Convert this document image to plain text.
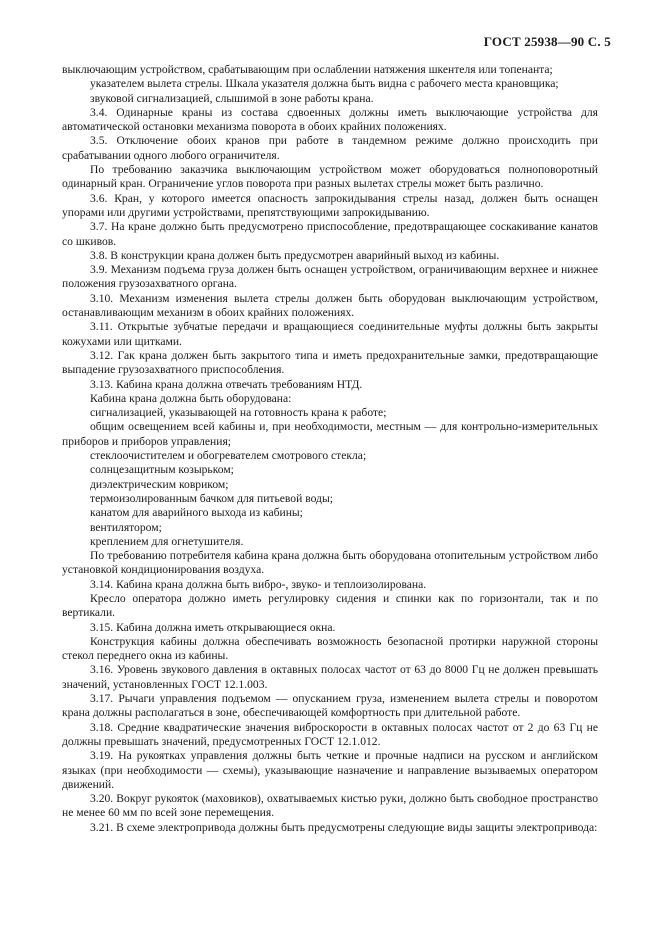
ГОСТ 25938—90 С. 5

выключающим устройством, срабатывающим при ослаблении натяжения шкентеля или топенанта;

указателем вылета стрелы. Шкала указателя должна быть видна с рабочего места крановщика;

звуковой сигнализацией, слышимой в зоне работы крана.

3.4. Одинарные краны из состава сдвоенных должны иметь выключающие устройства для автоматической остановки механизма поворота в обоих крайних положениях.

3.5. Отключение обоих кранов при работе в тандемном режиме должно происходить при срабатывании одного любого ограничителя.

По требованию заказчика выключающим устройством может оборудоваться полноповоротный одинарный кран. Ограничение углов поворота при разных вылетах стрелы может быть различно.

3.6. Кран, у которого имеется опасность запрокидывания стрелы назад, должен быть оснащен упорами или другими устройствами, препятствующими запрокидыванию.

3.7. На кране должно быть предусмотрено приспособление, предотвращающее соскакивание канатов со шкивов.

3.8. В конструкции крана должен быть предусмотрен аварийный выход из кабины.

3.9. Механизм подъема груза должен быть оснащен устройством, ограничивающим верхнее и нижнее положения грузозахватного органа.

3.10. Механизм изменения вылета стрелы должен быть оборудован выключающим устройством, останавливающим механизм в обоих крайних положениях.

3.11. Открытые зубчатые передачи и вращающиеся соединительные муфты должны быть закрыты кожухами или щитками.

3.12. Гак крана должен быть закрытого типа и иметь предохранительные замки, предотвращающие выпадение грузозахватного приспособления.

3.13. Кабина крана должна отвечать требованиям НТД.

Кабина крана должна быть оборудована:

сигнализацией, указывающей на готовность крана к работе;

общим освещением всей кабины и, при необходимости, местным — для контрольно-измерительных приборов и приборов управления;

стеклоочистителем и обогревателем смотрового стекла;

солнцезащитным козырьком;

диэлектрическим ковриком;

термоизолированным бачком для питьевой воды;

канатом для аварийного выхода из кабины;

вентилятором;

креплением для огнетушителя.

По требованию потребителя кабина крана должна быть оборудована отопительным устройством либо установкой кондиционирования воздуха.

3.14. Кабина крана должна быть вибро-, звуко- и теплоизолирована.

Кресло оператора должно иметь регулировку сидения и спинки как по горизонтали, так и по вертикали.

3.15. Кабина должна иметь открывающиеся окна.

Конструкция кабины должна обеспечивать возможность безопасной протирки наружной стороны стекол переднего окна из кабины.

3.16. Уровень звукового давления в октавных полосах частот от 63 до 8000 Гц не должен превышать значений, установленных ГОСТ 12.1.003.

3.17. Рычаги управления подъемом — опусканием груза, изменением вылета стрелы и поворотом крана должны располагаться в зоне, обеспечивающей комфортность при длительной работе.

3.18. Средние квадратические значения виброскорости в октавных полосах частот от 2 до 63 Гц не должны превышать значений, предусмотренных ГОСТ 12.1.012.

3.19. На рукоятках управления должны быть четкие и прочные надписи на русском и английском языках (при необходимости — схемы), указывающие назначение и направление вызываемых оператором движений.

3.20. Вокруг рукояток (маховиков), охватываемых кистью руки, должно быть свободное пространство не менее 60 мм по всей зоне перемещения.

3.21. В схеме электропривода должны быть предусмотрены следующие виды защиты электропривода:
